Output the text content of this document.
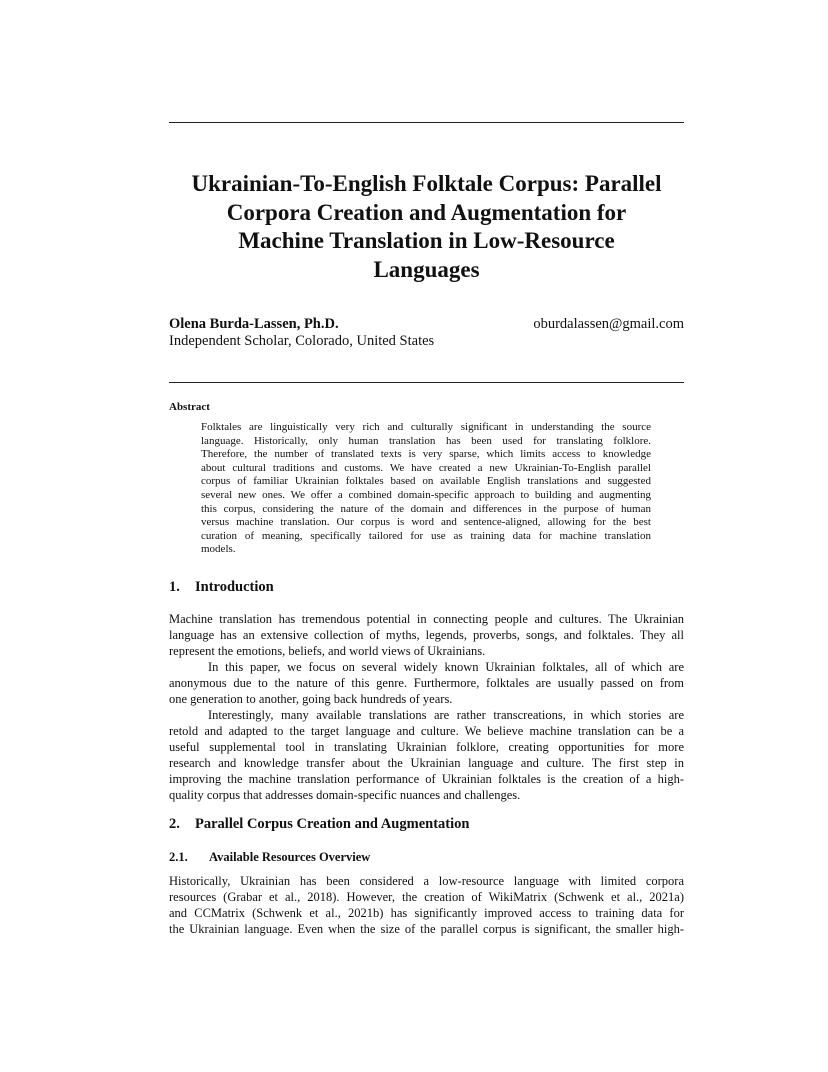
Ukrainian-To-English Folktale Corpus: Parallel
Corpora Creation and Augmentation for
Machine Translation in Low-Resource
Languages
Olena Burda-Lassen, Ph.D.	oburdalassen@gmail.com
Independent Scholar, Colorado, United States
Abstract
Folktales are linguistically very rich and culturally significant in understanding the source
language. Historically, only human translation has been used for translating folklore.
Therefore, the number of translated texts is very sparse, which limits access to knowledge
about cultural traditions and customs. We have created a new Ukrainian-To-English parallel
corpus of familiar Ukrainian folktales based on available English translations and suggested
several new ones. We offer a combined domain-specific approach to building and augmenting
this corpus, considering the nature of the domain and differences in the purpose of human
versus machine translation. Our corpus is word and sentence-aligned, allowing for the best
curation of meaning, specifically tailored for use as training data for machine translation
models.
1. Introduction
Machine translation has tremendous potential in connecting people and cultures. The Ukrainian
language has an extensive collection of myths, legends, proverbs, songs, and folktales. They all
represent the emotions, beliefs, and world views of Ukrainians.
In this paper, we focus on several widely known Ukrainian folktales, all of which are
anonymous due to the nature of this genre. Furthermore, folktales are usually passed on from
one generation to another, going back hundreds of years.
Interestingly, many available translations are rather transcreations, in which stories are
retold and adapted to the target language and culture. We believe machine translation can be a
useful supplemental tool in translating Ukrainian folklore, creating opportunities for more
research and knowledge transfer about the Ukrainian language and culture. The first step in
improving the machine translation performance of Ukrainian folktales is the creation of a high-
quality corpus that addresses domain-specific nuances and challenges.
2. Parallel Corpus Creation and Augmentation
2.1. Available Resources Overview
Historically, Ukrainian has been considered a low-resource language with limited corpora
resources (Grabar et al., 2018). However, the creation of WikiMatrix (Schwenk et al., 2021a)
and CCMatrix (Schwenk et al., 2021b) has significantly improved access to training data for
the Ukrainian language. Even when the size of the parallel corpus is significant, the smaller high-
